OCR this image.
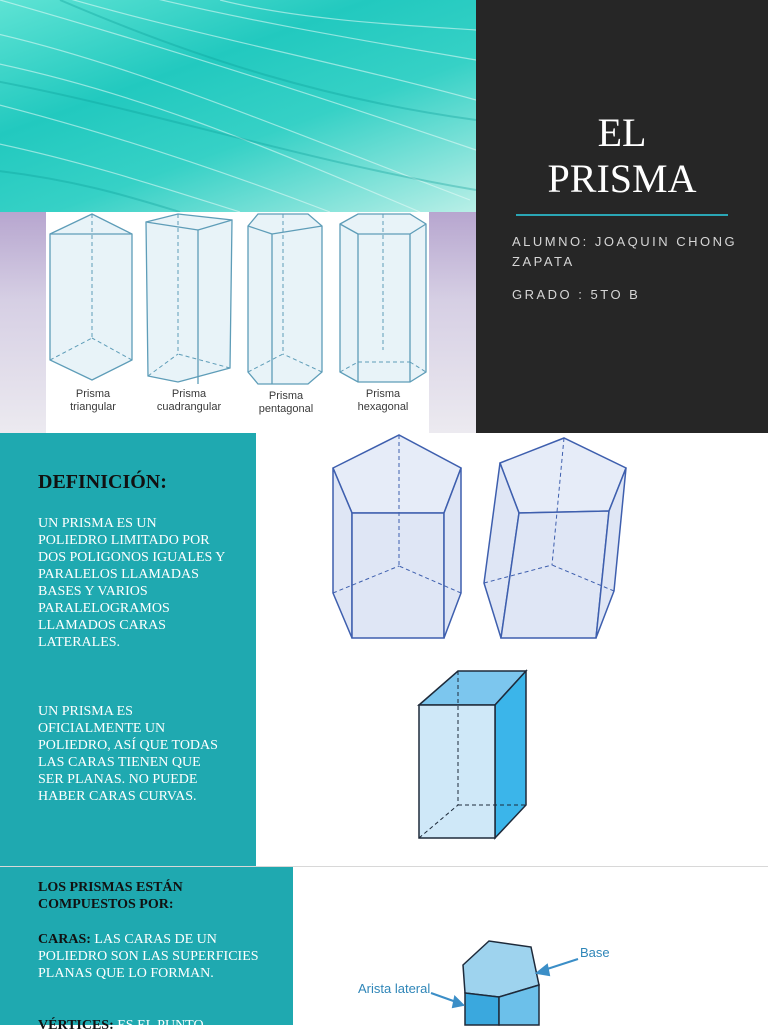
Prisma
triangular
Prisma
cuadrangular
Prisma
pentagonal
Prisma
hexagonal
EL
PRISMA
ALUMNO: JOAQUIN CHONG ZAPATA
GRADO : 5TO B
DEFINICIÓN:
UN PRISMA ES UN POLIEDRO LIMITADO POR DOS POLIGONOS IGUALES Y PARALELOS LLAMADAS BASES Y VARIOS PARALELOGRAMOS LLAMADOS CARAS LATERALES.
UN PRISMA ES OFICIALMENTE UN POLIEDRO, ASÍ QUE TODAS LAS CARAS TIENEN QUE SER PLANAS. NO PUEDE HABER CARAS CURVAS.
LOS PRISMAS ESTÁN COMPUESTOS POR:
CARAS: LAS CARAS DE UN POLIEDRO SON LAS SUPERFICIES PLANAS QUE LO FORMAN.
VÉRTICES: ES EL PUNTO
Base
Arista lateral
